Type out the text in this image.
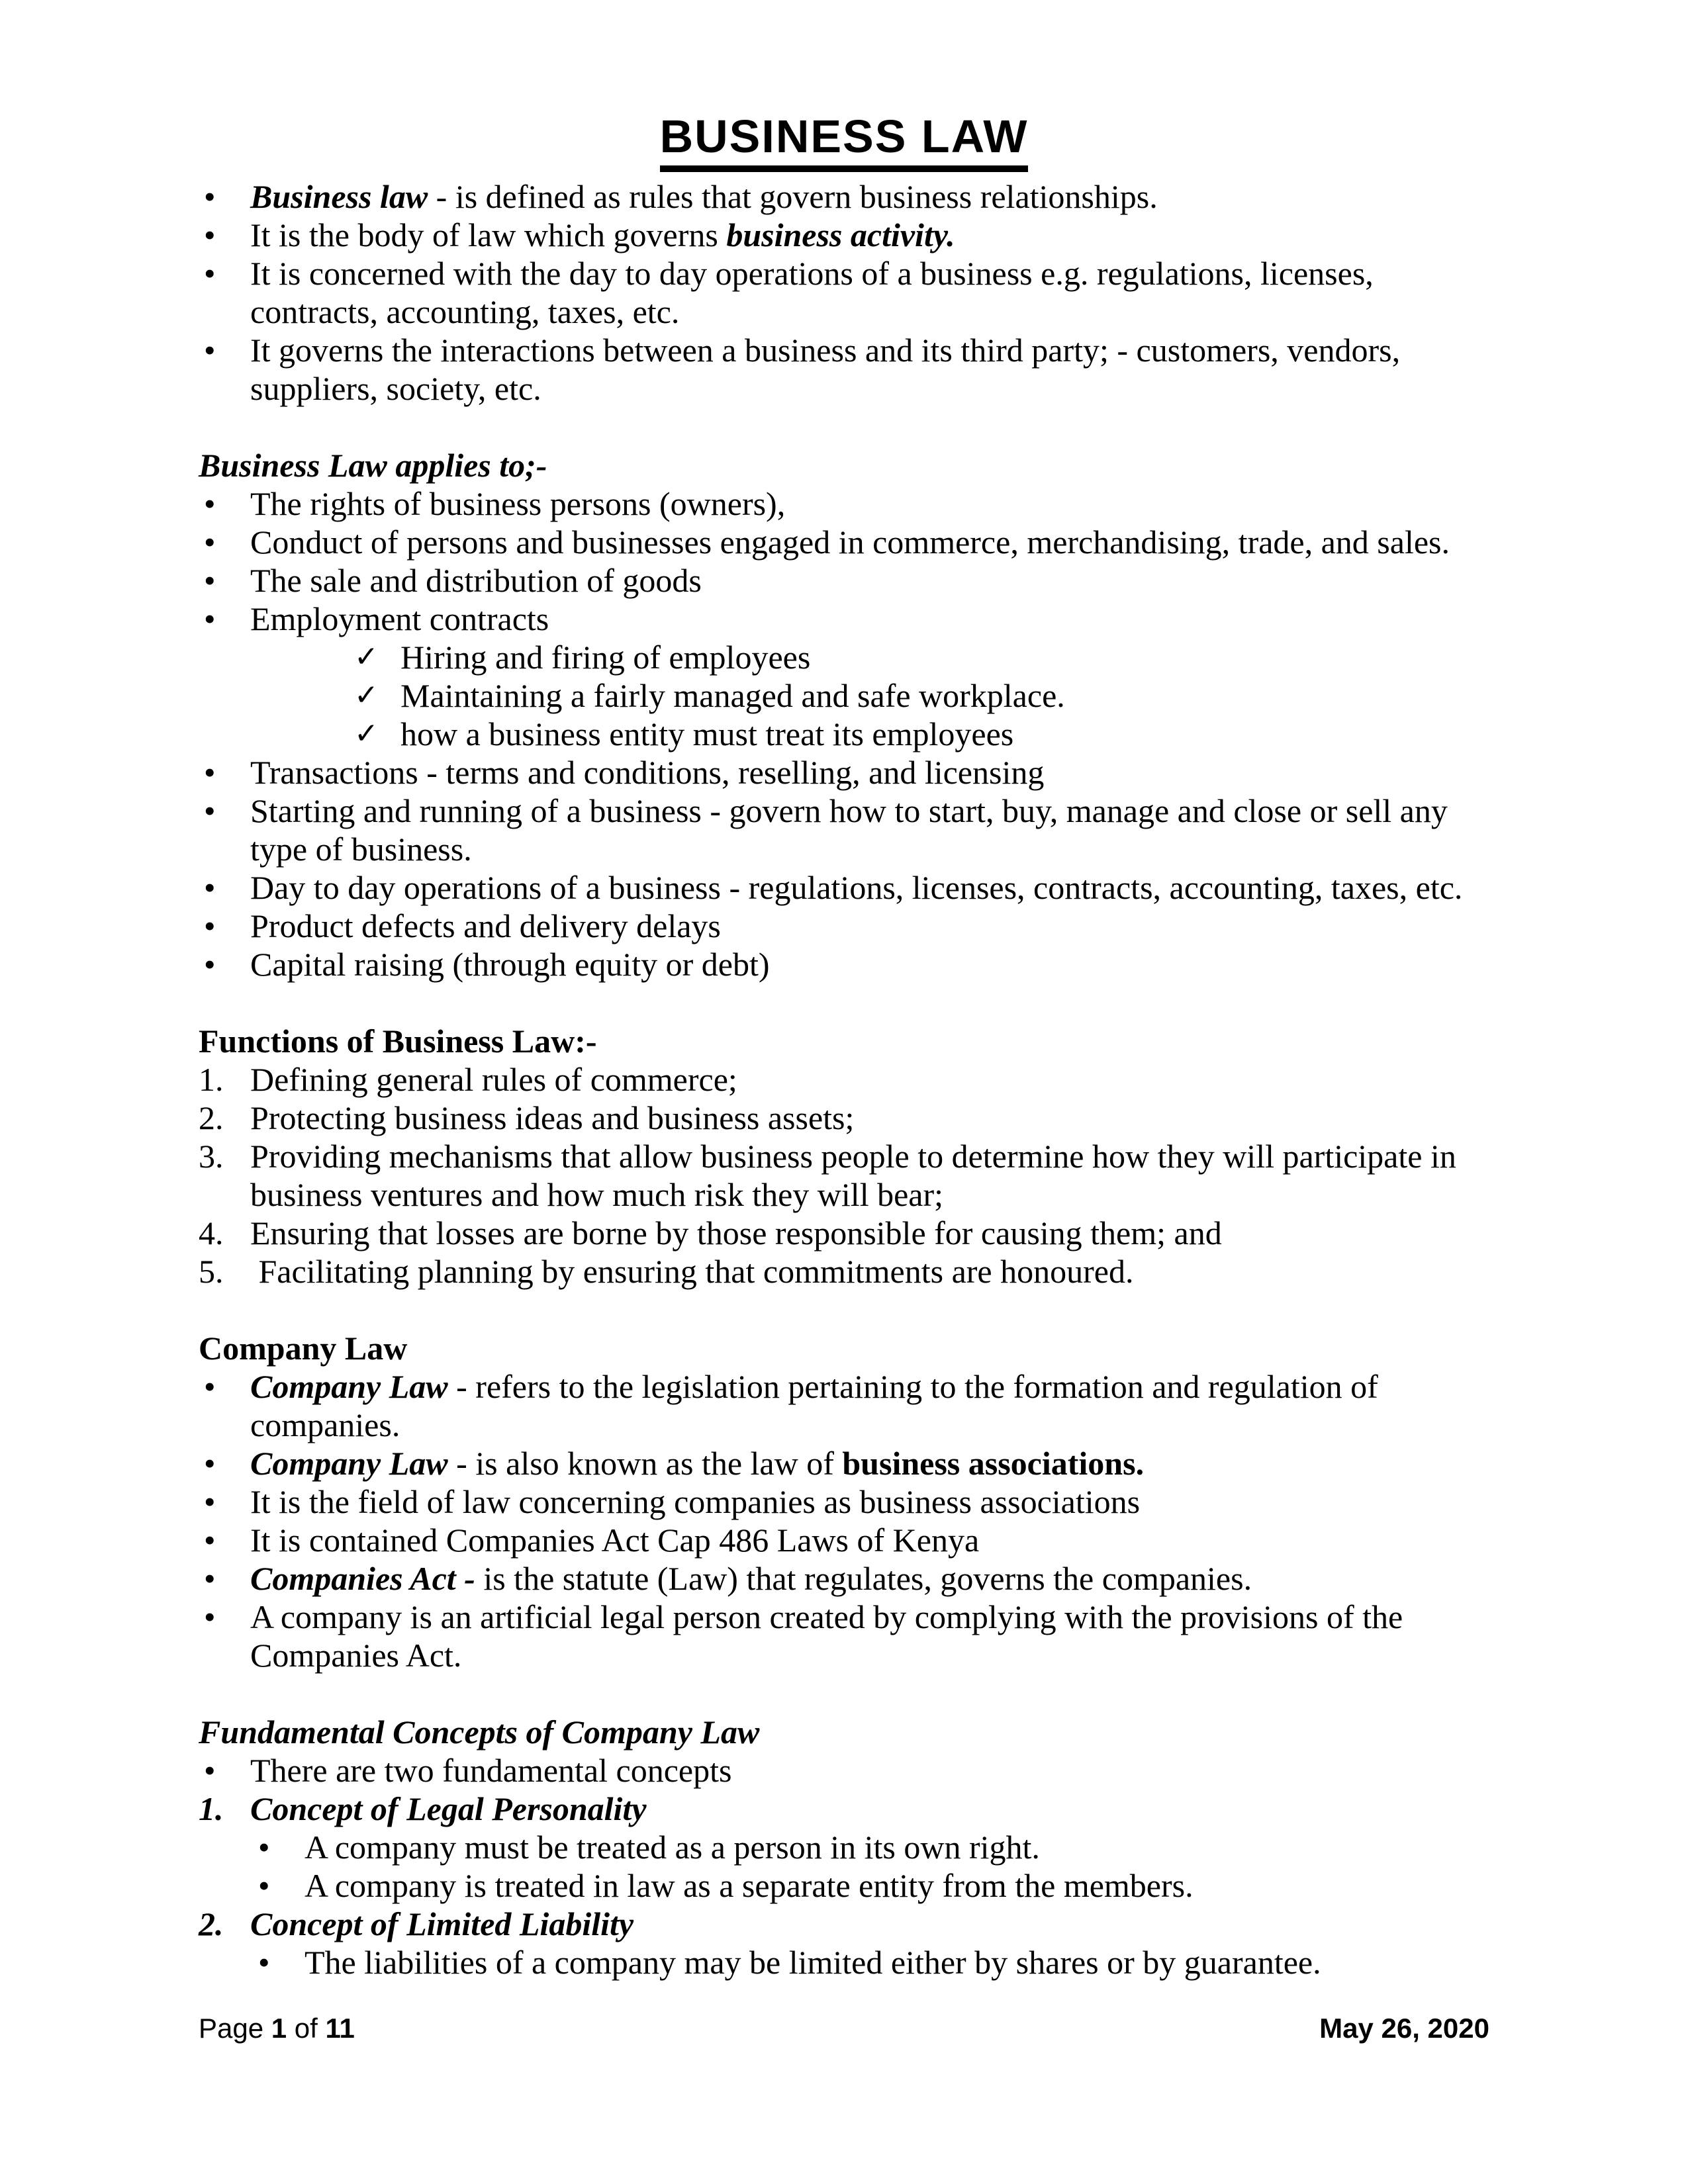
BUSINESS LAW
• Business law - is defined as rules that govern business relationships.
• It is the body of law which governs business activity.
• It is concerned with the day to day operations of a business e.g. regulations, licenses,
contracts, accounting, taxes, etc.
• It governs the interactions between a business and its third party; - customers, vendors,
suppliers, society, etc.
Business Law applies to;-
• The rights of business persons (owners),
• Conduct of persons and businesses engaged in commerce, merchandising, trade, and sales.
• The sale and distribution of goods
• Employment contracts
✓ Hiring and firing of employees
✓ Maintaining a fairly managed and safe workplace.
✓ how a business entity must treat its employees
• Transactions - terms and conditions, reselling, and licensing
• Starting and running of a business - govern how to start, buy, manage and close or sell any
type of business.
• Day to day operations of a business - regulations, licenses, contracts, accounting, taxes, etc.
• Product defects and delivery delays
• Capital raising (through equity or debt)
Functions of Business Law:-
1. Defining general rules of commerce;
2. Protecting business ideas and business assets;
3. Providing mechanisms that allow business people to determine how they will participate in
business ventures and how much risk they will bear;
4. Ensuring that losses are borne by those responsible for causing them; and
5. Facilitating planning by ensuring that commitments are honoured.
Company Law
• Company Law - refers to the legislation pertaining to the formation and regulation of
companies.
• Company Law - is also known as the law of business associations.
• It is the field of law concerning companies as business associations
• It is contained Companies Act Cap 486 Laws of Kenya
• Companies Act - is the statute (Law) that regulates, governs the companies.
• A company is an artificial legal person created by complying with the provisions of the
Companies Act.
Fundamental Concepts of Company Law
• There are two fundamental concepts
1. Concept of Legal Personality
• A company must be treated as a person in its own right.
• A company is treated in law as a separate entity from the members.
2. Concept of Limited Liability
• The liabilities of a company may be limited either by shares or by guarantee.
Page 1 of 11	May 26, 2020
